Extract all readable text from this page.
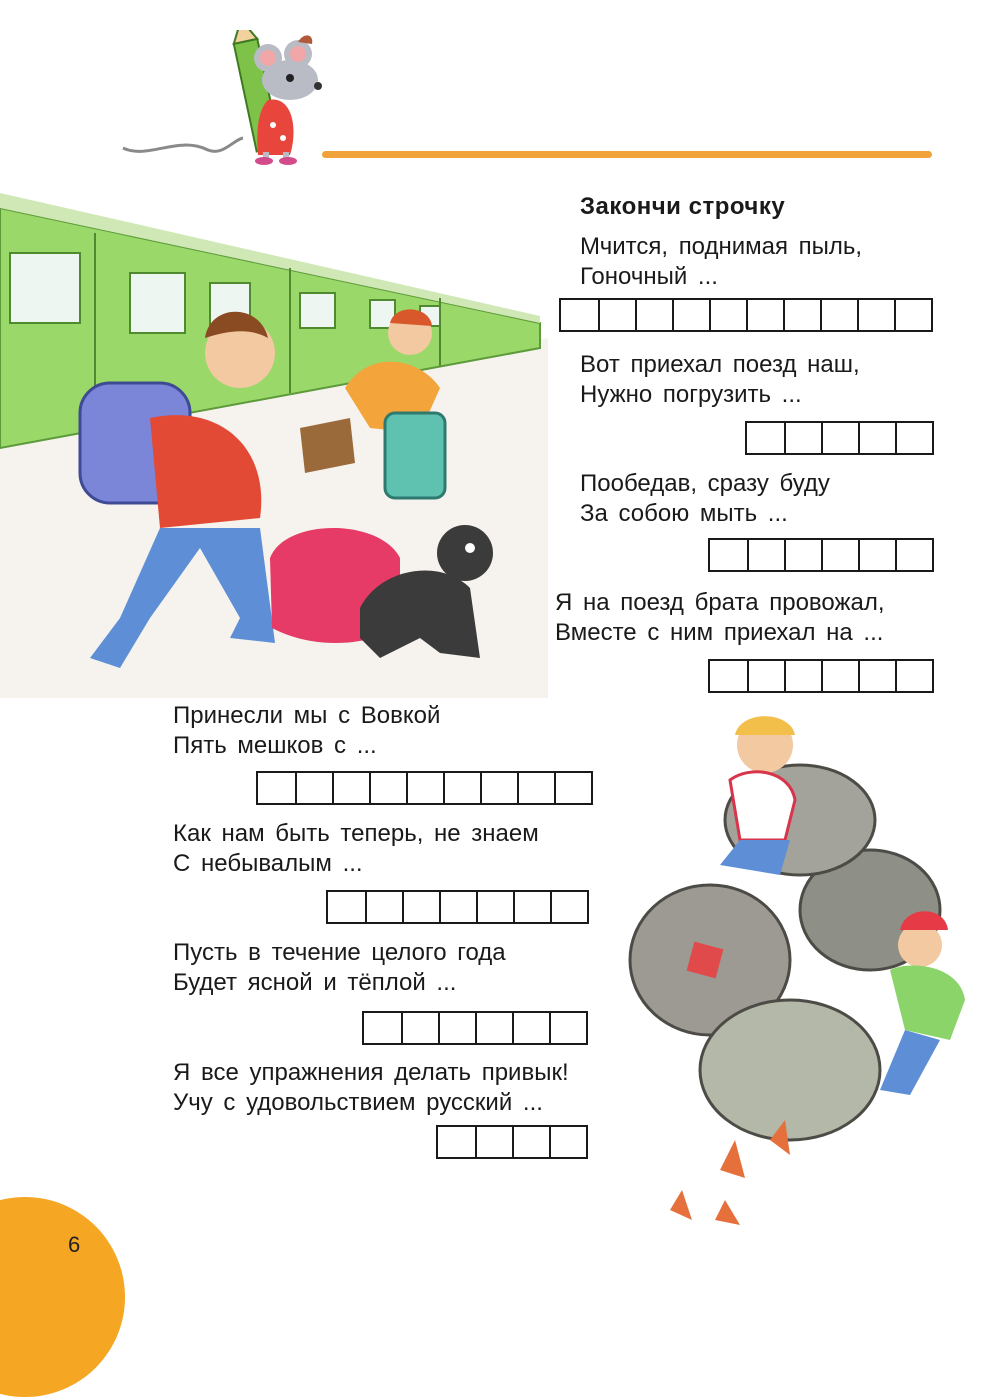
Закончи строчку
Мчится, поднимая пыль,
Гоночный ...
Вот приехал поезд наш,
Нужно погрузить ...
Пообедав, сразу буду
За собою мыть ...
Я на поезд брата провожал,
Вместе с ним приехал на ...
Принесли мы с Вовкой
Пять мешков с ...
Как нам быть теперь, не знаем
С небывалым ...
Пусть в течение целого года
Будет ясной и тёплой ...
Я все упражнения делать привык!
Учу с удовольствием русский ...
6
